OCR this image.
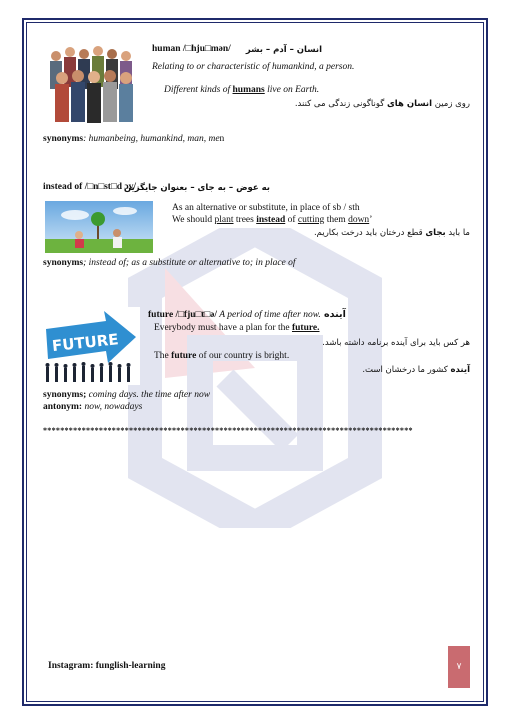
human /□hju□mən/ انسان – آدم – بشر
Relating to or characteristic of humankind, a person.
Different kinds of humans live on Earth.
روی زمین انسان های گوناگونی زندگی می کنند.
synonyms: humanbeing, humankind, man, men
instead of /□n□st□d ɔv/
به عوض – به جای – بعنوان جایگزین
As an alternative or substitute, in place of sb / sth
We should plant trees instead of cutting them down’
ما باید بجای قطع درختان باید درخت بکاریم.
synonyms; instead of; as a substitute or alternative to; in place of
FUTURE
future /□fju□t□ə/ A period of time after now. آینده
Everybody must have a plan for the future.
هر کس باید برای آینده برنامه داشته باشد.
The future of our country is bright.
آینده کشور ما درخشان است.
synonyms; coming days. the time after now
antonym: now, nowadays
**************************************************************************************
Instagram: funglish-learning	۷
